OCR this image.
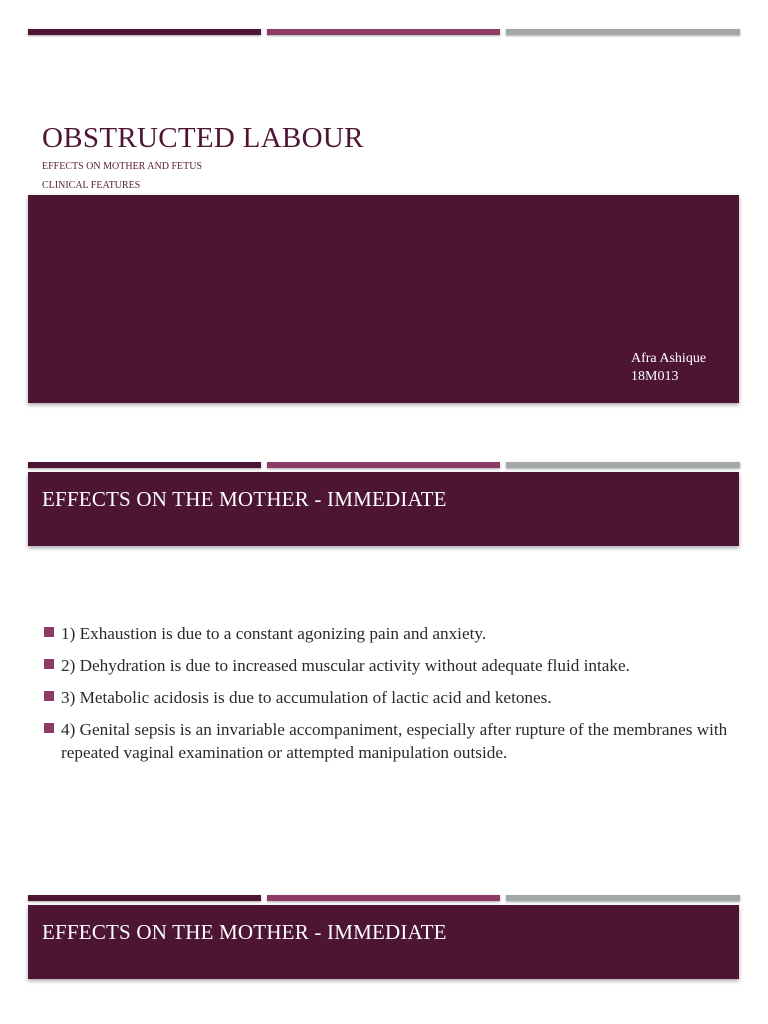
OBSTRUCTED LABOUR
EFFECTS ON MOTHER AND FETUS
CLINICAL FEATURES
Afra Ashique
18M013
EFFECTS ON THE MOTHER - IMMEDIATE
1) Exhaustion is due to a constant agonizing pain and anxiety.
2) Dehydration is due to increased muscular activity without adequate fluid intake.
3) Metabolic acidosis is due to accumulation of lactic acid and ketones.
4) Genital sepsis is an invariable accompaniment, especially after rupture of the membranes with repeated vaginal examination or attempted manipulation outside.
EFFECTS ON THE MOTHER - IMMEDIATE
